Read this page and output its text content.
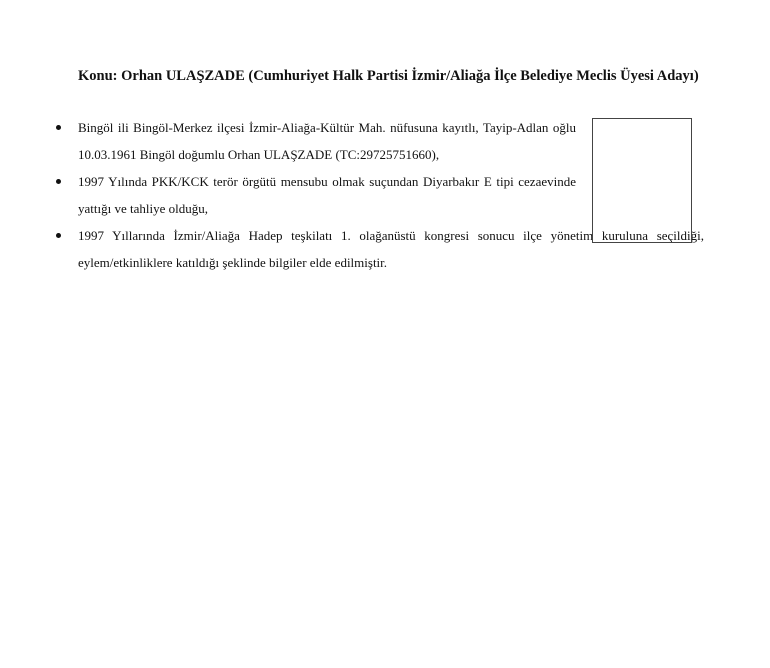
Konu: Orhan ULAŞZADE (Cumhuriyet Halk Partisi İzmir/Aliağa İlçe Belediye Meclis Üyesi Adayı)

Bingöl ili Bingöl-Merkez ilçesi İzmir-Aliağa-Kültür Mah. nüfusuna kayıtlı, Tayip-Adlan oğlu 10.03.1961 Bingöl doğumlu Orhan ULAŞZADE (TC:29725751660),
1997 Yılında PKK/KCK terör örgütü mensubu olmak suçundan Diyarbakır E tipi cezaevinde yattığı ve tahliye olduğu,
1997 Yıllarında İzmir/Aliağa Hadep teşkilatı 1. olağanüstü kongresi sonucu ilçe yönetim kuruluna seçildiği, eylem/etkinliklere katıldığı şeklinde bilgiler elde edilmiştir.
